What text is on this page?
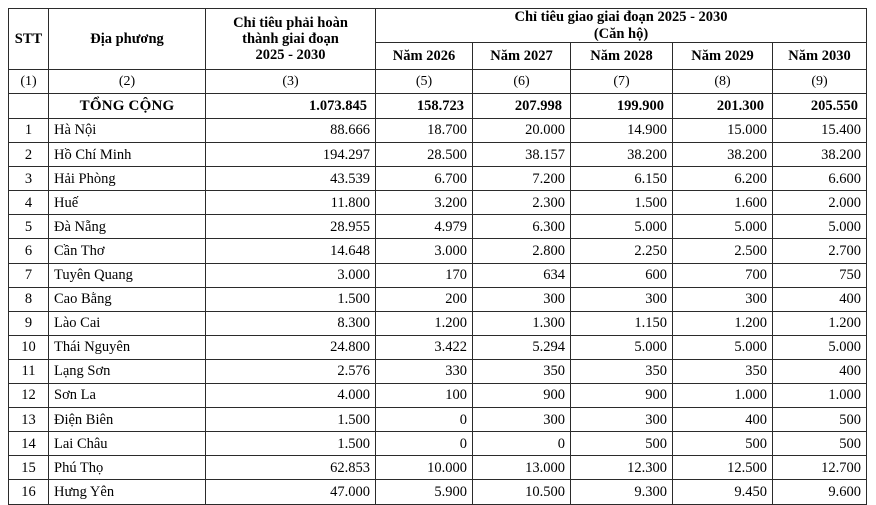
STT	Địa phương	Chỉ tiêu phải hoàn
thành giai đoạn
2025 - 2030	Chỉ tiêu giao giai đoạn 2025 - 2030
(Căn hộ)				

			Năm 2026	Năm 2027	Năm 2028	Năm 2029	Năm 2030
(1)	(2)	(3)	(5)	(6)	(7)	(8)	(9)
	TỔNG CỘNG	1.073.845	158.723	207.998	199.900	201.300	205.550
1	Hà Nội	88.666	18.700	20.000	14.900	15.000	15.400
2	Hồ Chí Minh	194.297	28.500	38.157	38.200	38.200	38.200
3	Hải Phòng	43.539	6.700	7.200	6.150	6.200	6.600
4	Huế	11.800	3.200	2.300	1.500	1.600	2.000
5	Đà Nẵng	28.955	4.979	6.300	5.000	5.000	5.000
6	Cần Thơ	14.648	3.000	2.800	2.250	2.500	2.700
7	Tuyên Quang	3.000	170	634	600	700	750
8	Cao Bằng	1.500	200	300	300	300	400
9	Lào Cai	8.300	1.200	1.300	1.150	1.200	1.200
10	Thái Nguyên	24.800	3.422	5.294	5.000	5.000	5.000
11	Lạng Sơn	2.576	330	350	350	350	400
12	Sơn La	4.000	100	900	900	1.000	1.000
13	Điện Biên	1.500	0	300	300	400	500
14	Lai Châu	1.500	0	0	500	500	500
15	Phú Thọ	62.853	10.000	13.000	12.300	12.500	12.700
16	Hưng Yên	47.000	5.900	10.500	9.300	9.450	9.600
